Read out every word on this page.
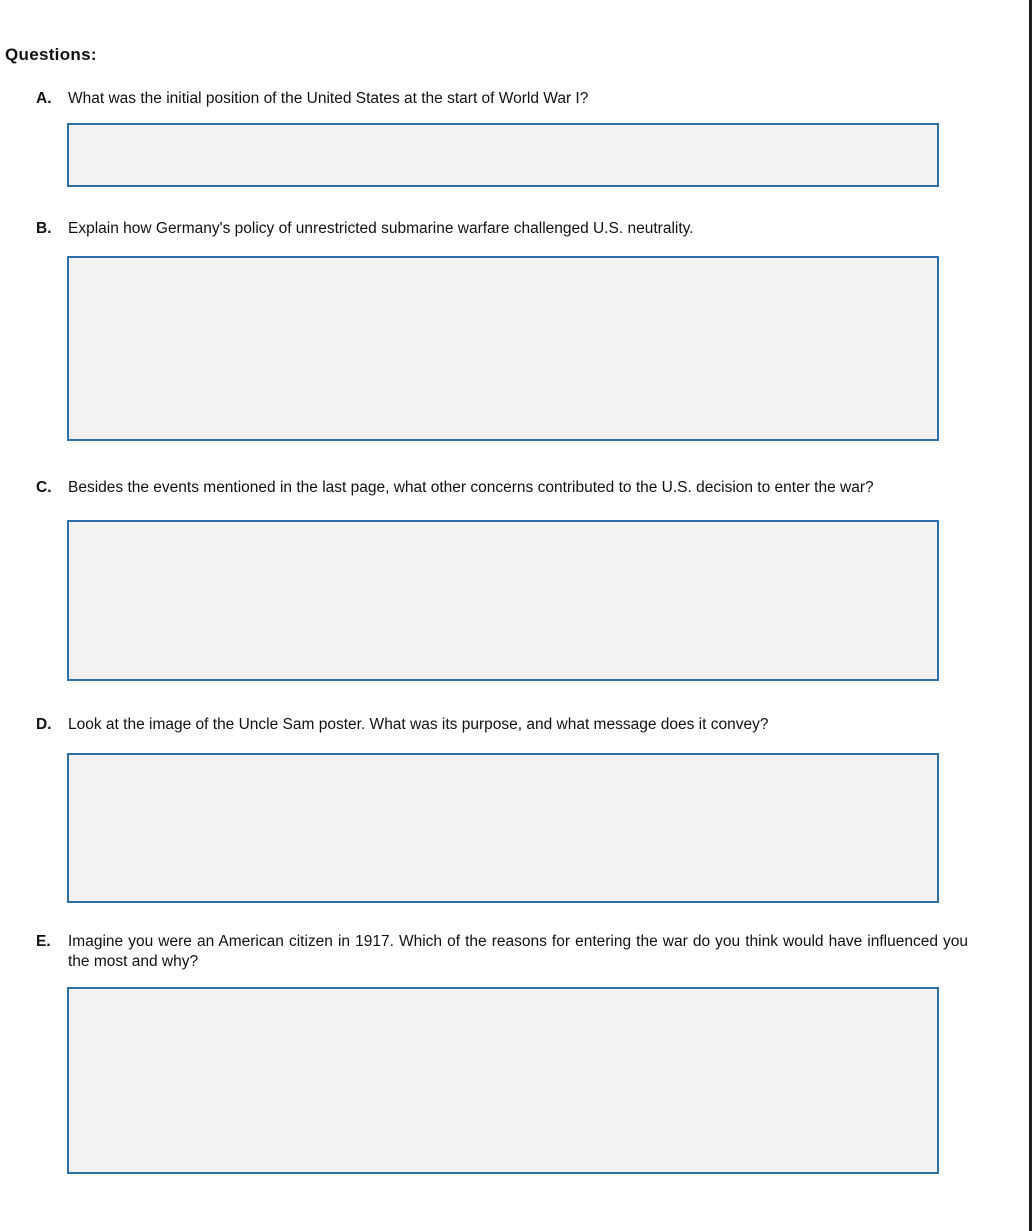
Questions:
A. What was the initial position of the United States at the start of World War I?
B. Explain how Germany's policy of unrestricted submarine warfare challenged U.S. neutrality.
C. Besides the events mentioned in the last page, what other concerns contributed to the U.S. decision to enter the war?
D. Look at the image of the Uncle Sam poster. What was its purpose, and what message does it convey?
E. Imagine you were an American citizen in 1917. Which of the reasons for entering the war do you think would have influenced you the most and why?
